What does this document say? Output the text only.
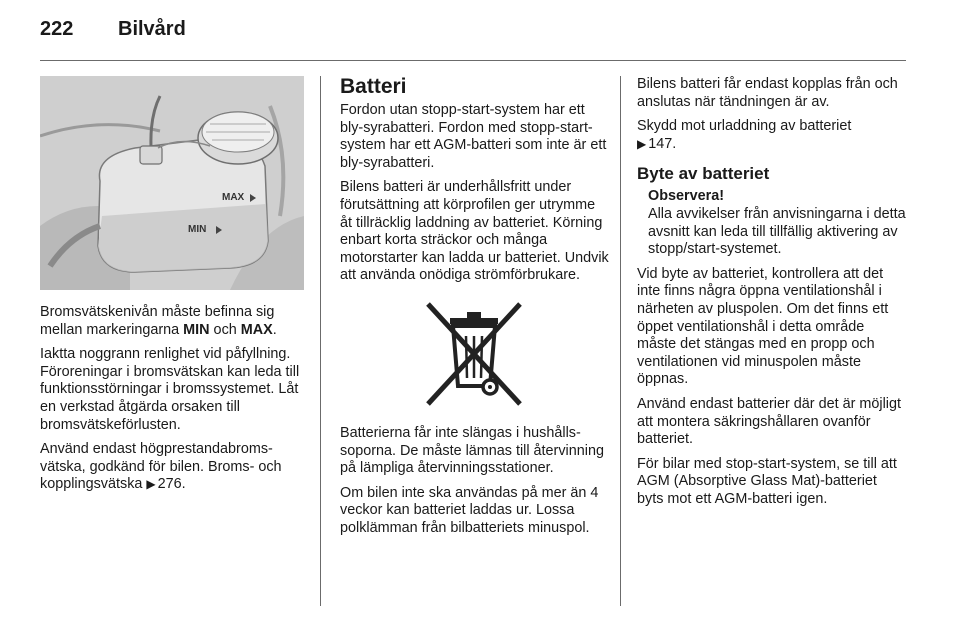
222	Bilvård
MAX
MIN

Bromsvätskenivån måste befinna sig mellan markeringarna MIN och MAX.

Iaktta noggrann renlighet vid påfyllning. Föroreningar i bromsvätskan kan leda till funktionsstörningar i bromssystemet. Låt en verkstad åtgärda orsaken till bromsvätskeförlusten.

Använd endast högprestandabromsvätska, godkänd för bilen. Broms- och kopplingsvätska ▶ 276.

Batteri

Fordon utan stopp-start-system har ett bly-syrabatteri. Fordon med stopp-start-system har ett AGM-batteri som inte är ett bly-syrabatteri.

Bilens batteri är underhållsfritt under förutsättning att körprofilen ger utrymme åt tillräcklig laddning av batteriet. Körning enbart korta sträckor och många motorstarter kan ladda ur batteriet. Undvik att använda onödiga strömförbrukare.

Batterierna får inte slängas i hushållssoporna. De måste lämnas till återvinning på lämpliga återvinningsstationer.

Om bilen inte ska användas på mer än 4 veckor kan batteriet laddas ur. Lossa polklämman från bilbatteriets minuspol.

Bilens batteri får endast kopplas från och anslutas när tändningen är av.

Skydd mot urladdning av batteriet
▶ 147.

Byte av batteriet
Observera!
Alla avvikelser från anvisningarna i detta avsnitt kan leda till tillfällig aktivering av stopp/start-systemet.

Vid byte av batteriet, kontrollera att det inte finns några öppna ventilationshål i närheten av pluspolen. Om det finns ett öppet ventilationshål i detta område måste det stängas med en propp och ventilationen vid minuspolen måste öppnas.

Använd endast batterier där det är möjligt att montera säkringshållaren ovanför batteriet.

För bilar med stop-start-system, se till att AGM (Absorptive Glass Mat)-batteriet byts mot ett AGM-batteri igen.
